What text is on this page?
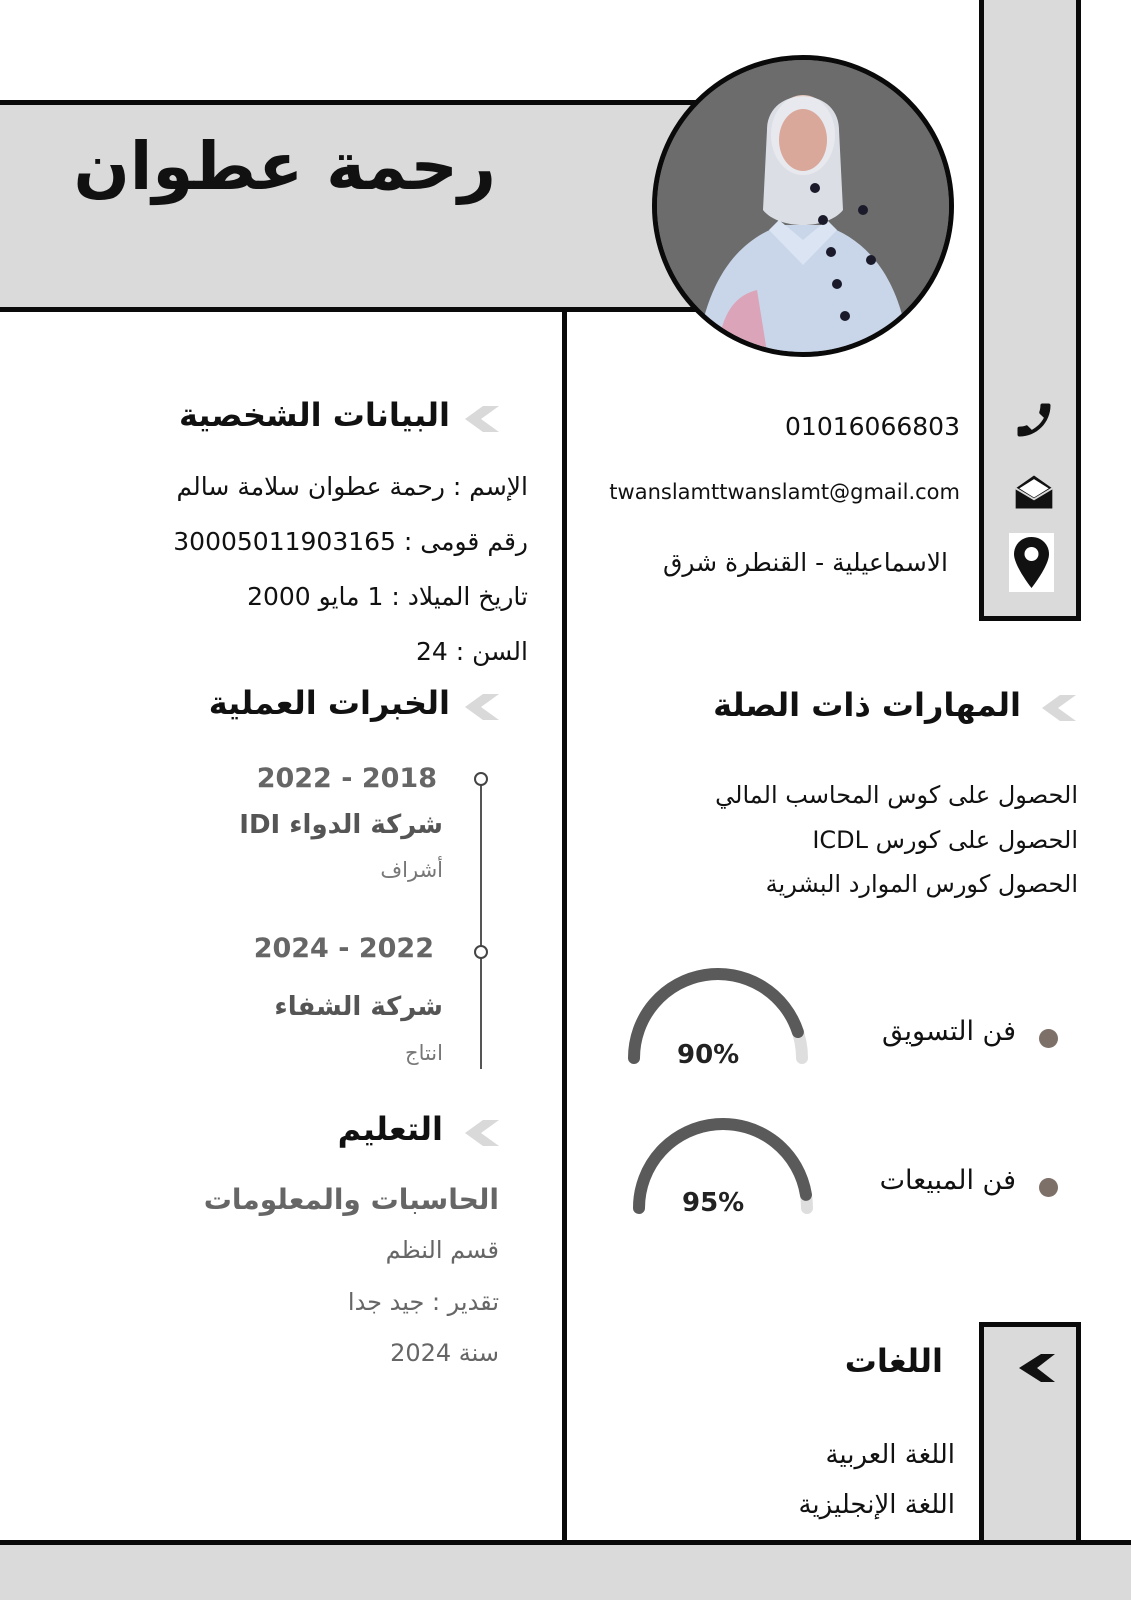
رحمة عطوان
01016066803
twanslamttwanslamt@gmail.com
الاسماعيلية - القنطرة شرق
البيانات الشخصية
الإسم : رحمة عطوان سلامة سالم
رقم قومى : 30005011903165
تاريخ الميلاد : 1 مايو 2000
السن : 24
الخبرات العملية
2022 - 2018
شركة الدواء IDI
أشراف
2024 - 2022
شركة الشفاء
انتاج
التعليم
الحاسبات والمعلومات
قسم النظم
تقدير : جيد جدا
سنة 2024
المهارات ذات الصلة
الحصول على كوس المحاسب المالي
الحصول على كورس ICDL
الحصول كورس الموارد البشرية
فن التسويق
90%
فن المبيعات
95%
اللغات
اللغة العربية
اللغة الإنجليزية
